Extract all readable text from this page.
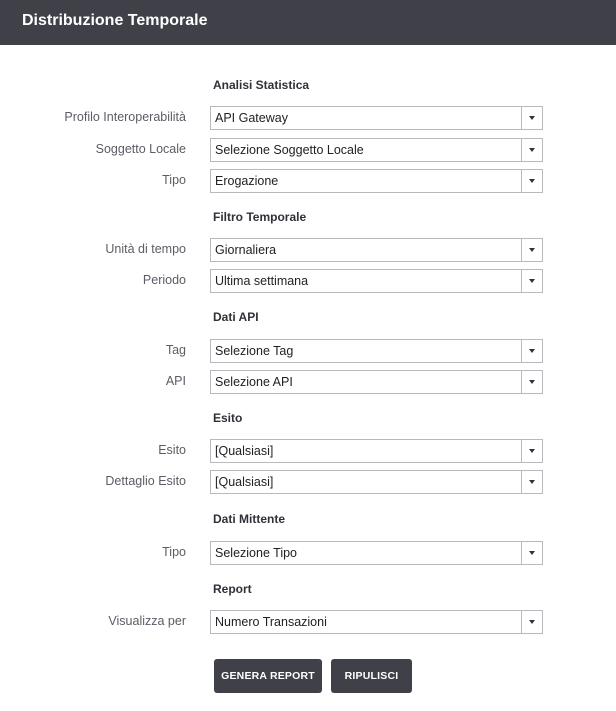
Distribuzione Temporale
Analisi Statistica
Profilo Interoperabilità API Gateway
Soggetto Locale Selezione Soggetto Locale
Tipo Erogazione
Filtro Temporale
Unità di tempo Giornaliera
Periodo Ultima settimana
Dati API
Tag Selezione Tag
API Selezione API
Esito
Esito [Qualsiasi]
Dettaglio Esito [Qualsiasi]
Dati Mittente
Tipo Selezione Tipo
Report
Visualizza per Numero Transazioni
GENERA REPORT	RIPULISCI
